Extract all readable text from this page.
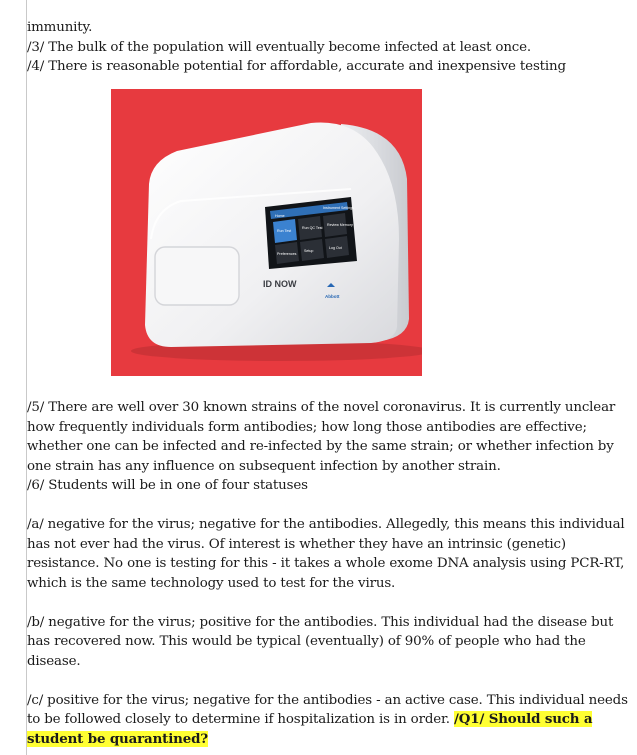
immunity.

/3/ The bulk of the population will eventually become infected at least once.

/4/ There is reasonable potential for affordable, accurate and inexpensive testing

Home
Instrument Settings
Run Test
Run QC Test
Review Memory
Preferences
Setup
Log Out
ID NOW
Abbott

/5/ There are well over 30 known strains of the novel coronavirus. It is currently unclear how frequently individuals form antibodies; how long those antibodies are effective; whether one can be infected and re-infected by the same strain; or whether infection by one strain has any influence on subsequent infection by another strain.

/6/ Students will be in one of four statuses

/a/ negative for the virus; negative for the antibodies. Allegedly, this means this individual has not ever had the virus. Of interest is whether they have an intrinsic (genetic) resistance. No one is testing for this - it takes a whole exome DNA analysis using PCR-RT, which is the same technology used to test for the virus.

/b/ negative for the virus; positive for the antibodies. This individual had the disease but has recovered now. This would be typical (eventually) of 90% of people who had the disease.

/c/ positive for the virus; negative for the antibodies - an active case. This individual needs to be followed closely to determine if hospitalization is in order. /Q1/ Should such a student be quarantined?
